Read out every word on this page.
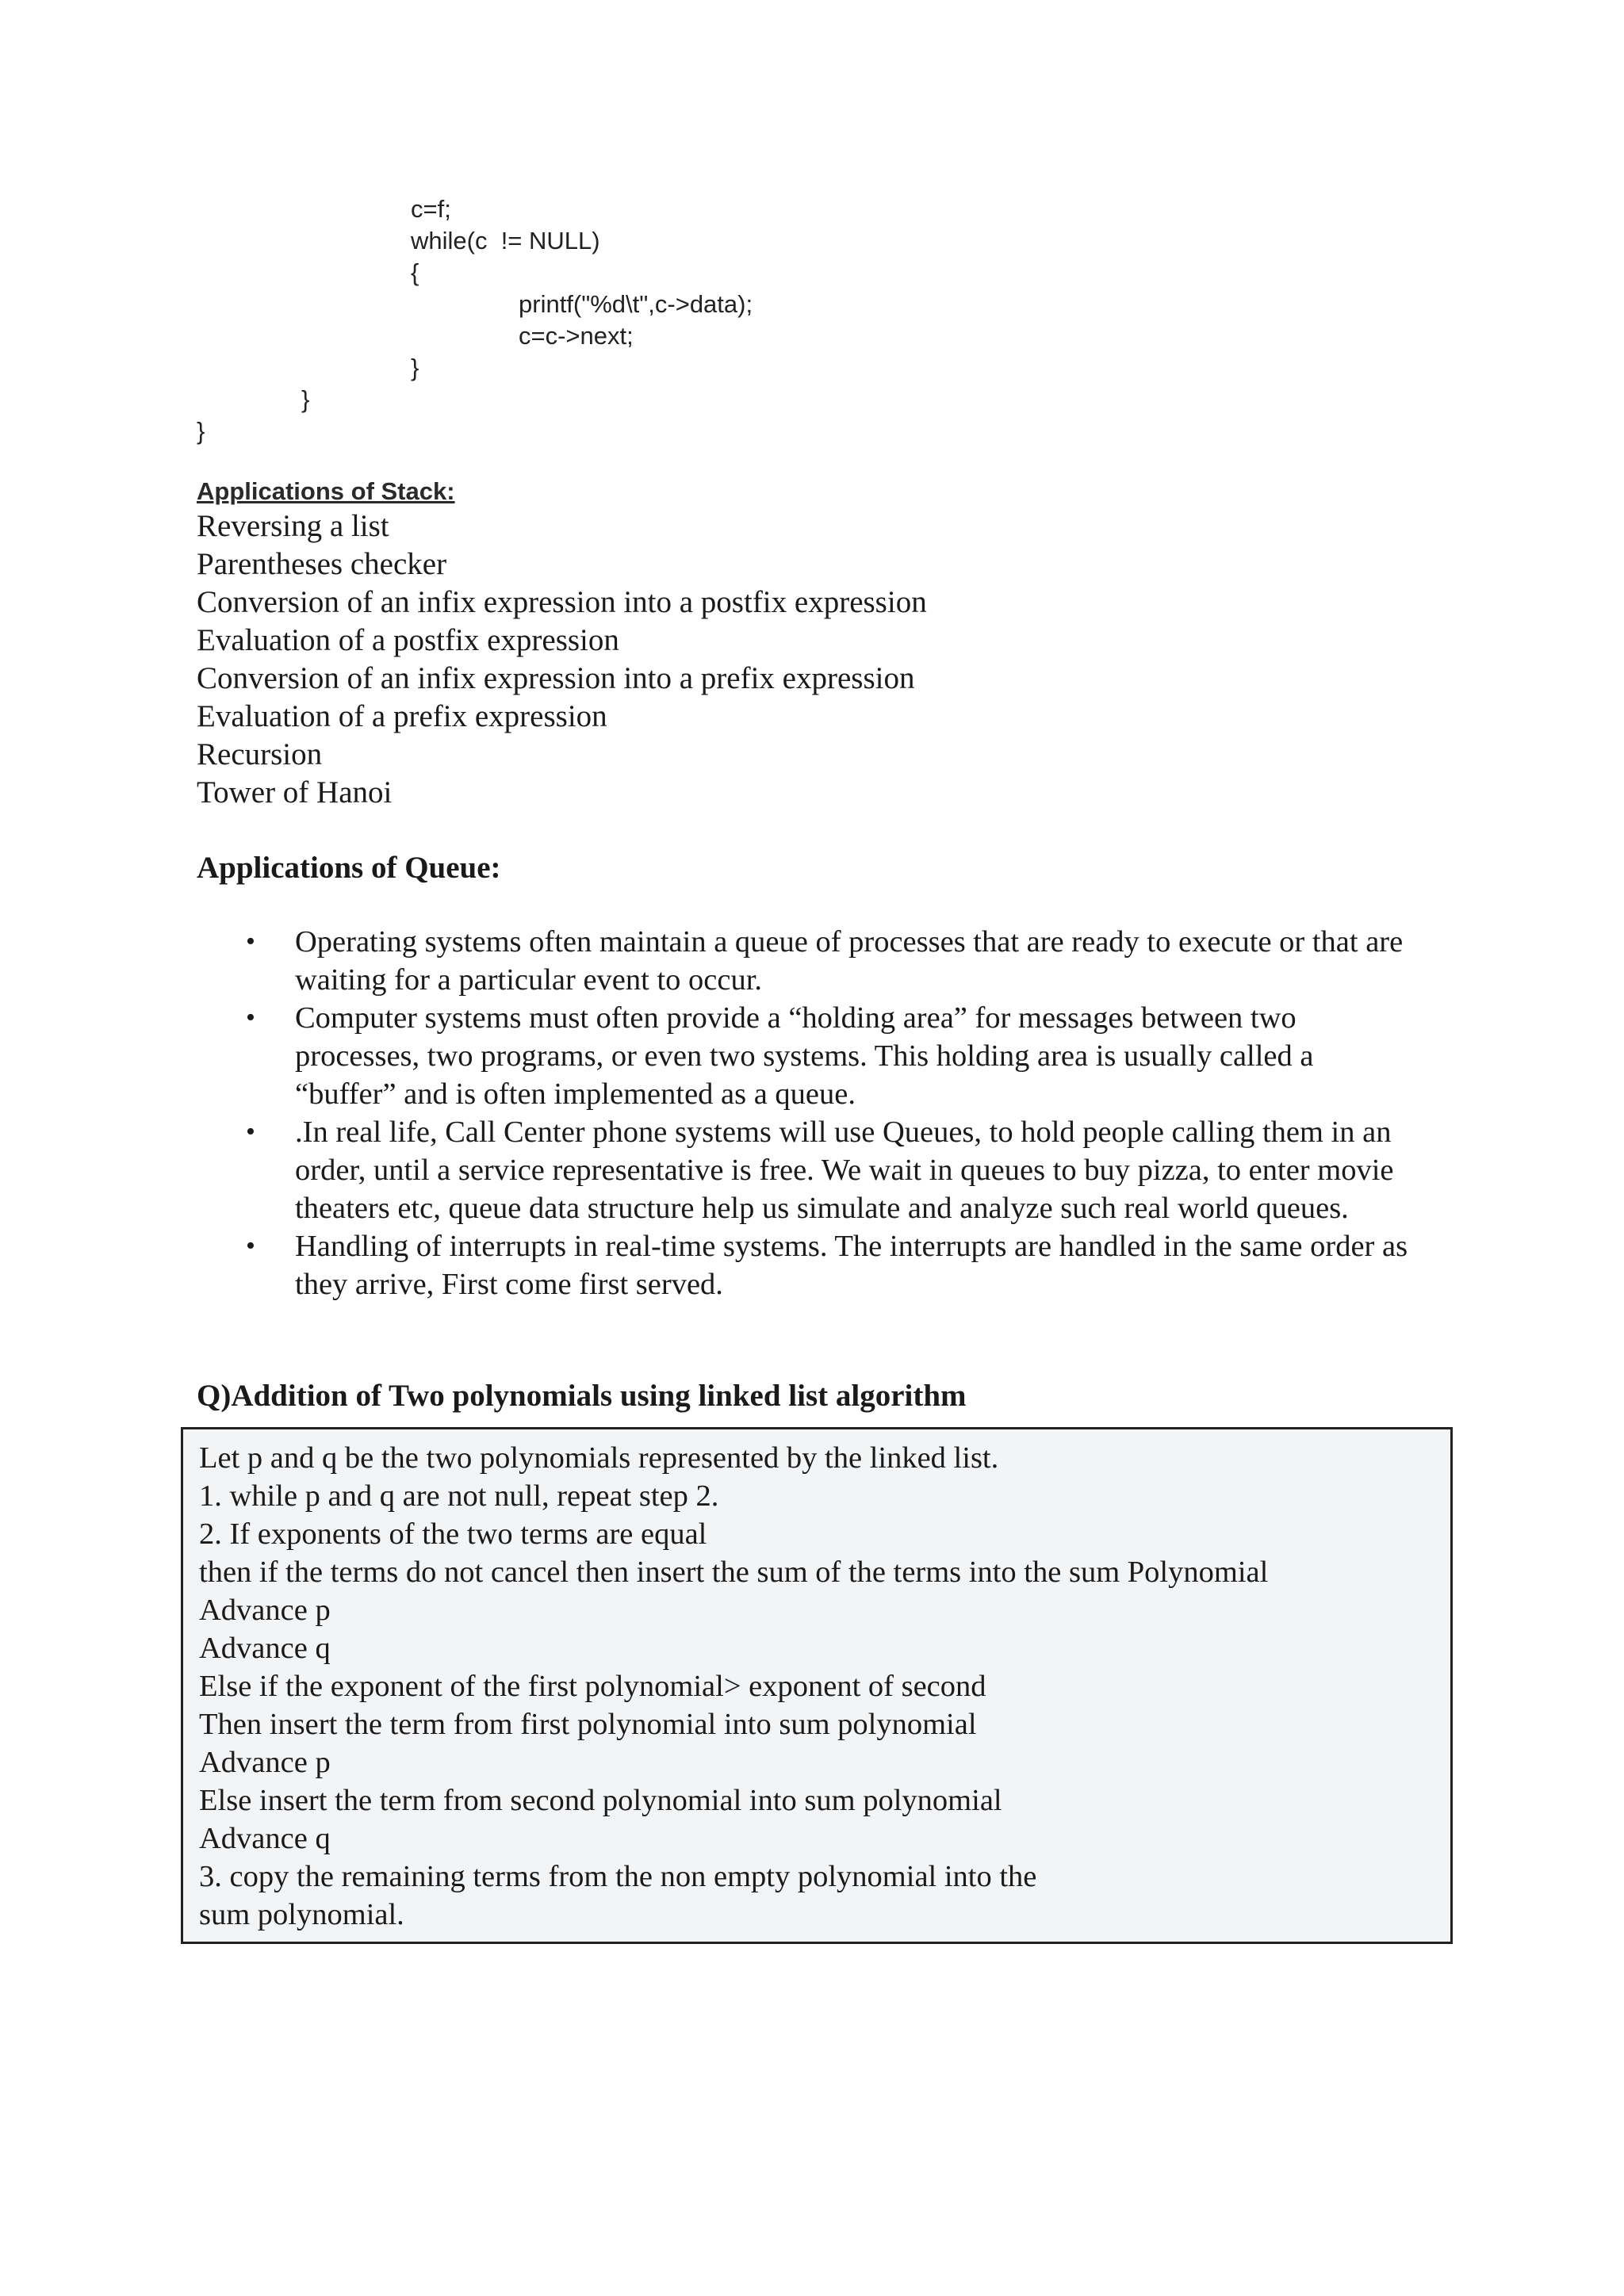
c=f;
while(c  != NULL)
{
printf("%d\t",c->data);
c=c->next;
}
}
}
Applications of Stack:
Reversing a list
Parentheses checker
Conversion of an infix expression into a postfix expression
Evaluation of a postfix expression
Conversion of an infix expression into a prefix expression
Evaluation of a prefix expression
Recursion
Tower of Hanoi
Applications of Queue:
• Operating systems often maintain a queue of processes that are ready to execute or that are waiting for a particular event to occur.
• Computer systems must often provide a “holding area” for messages between two processes, two programs, or even two systems. This holding area is usually called a “buffer” and is often implemented as a queue.
• .In real life, Call Center phone systems will use Queues, to hold people calling them in an order, until a service representative is free. We wait in queues to buy pizza, to enter movie theaters etc, queue data structure help us simulate and analyze such real world queues.
• Handling of interrupts in real-time systems. The interrupts are handled in the same order as they arrive, First come first served.
Q)Addition of Two polynomials using linked list algorithm
Let p and q be the two polynomials represented by the linked list.
1. while p and q are not null, repeat step 2.
2. If exponents of the two terms are equal
then if the terms do not cancel then insert the sum of the terms into the sum Polynomial
Advance p
Advance q
Else if the exponent of the first polynomial> exponent of second
Then insert the term from first polynomial into sum polynomial
Advance p
Else insert the term from second polynomial into sum polynomial
Advance q
3. copy the remaining terms from the non empty polynomial into the
sum polynomial.
